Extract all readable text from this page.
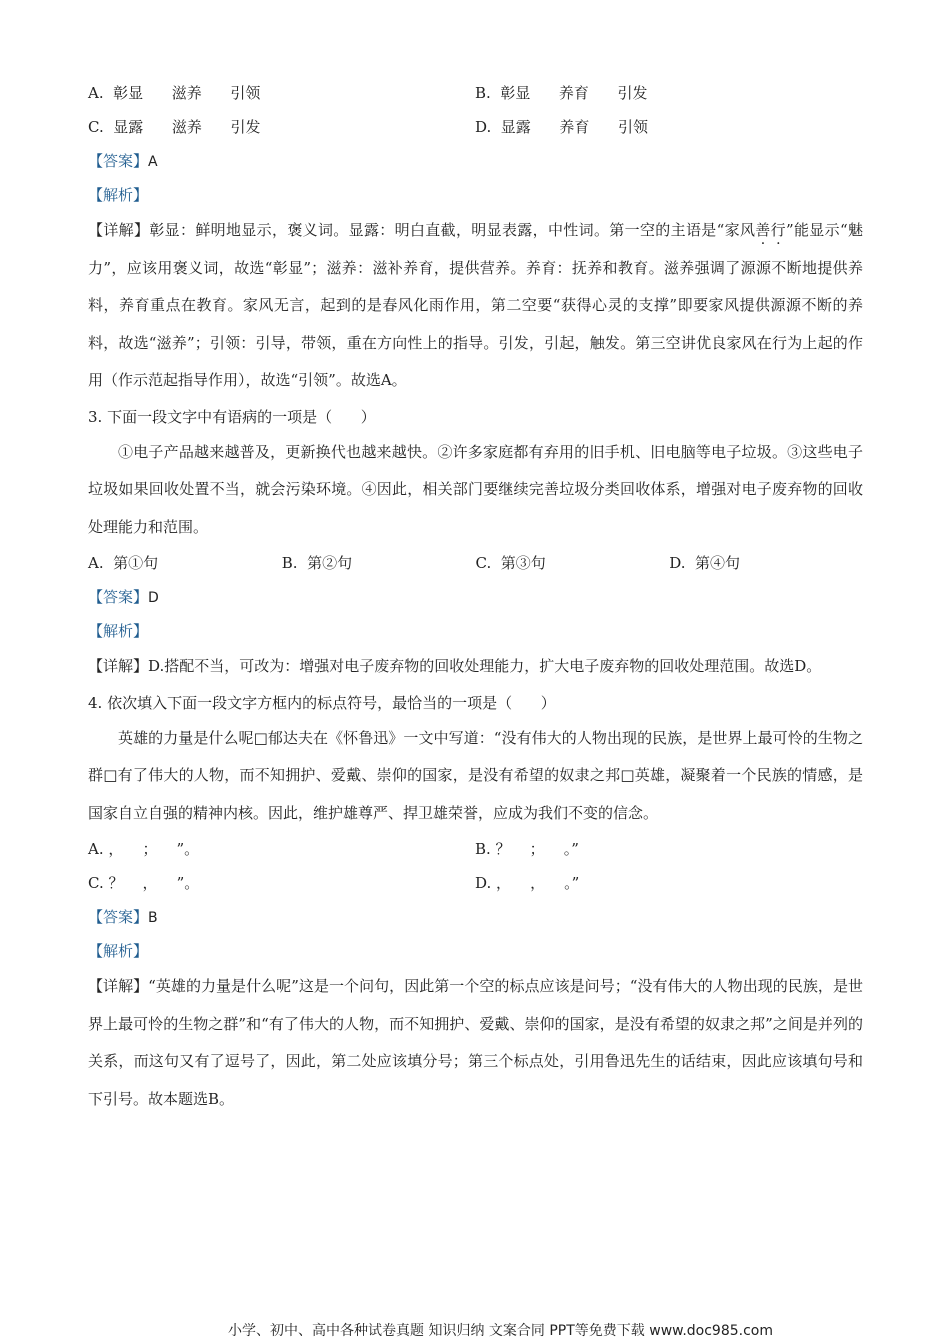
A.  彰显      滋养      引领	B.  彰显      养育      引发
C.  显露      滋养      引发	D.  显露      养育      引领
【答案】A
【解析】
【详解】彰显：鲜明地显示，褒义词。显露：明白直截，明显表露，中性词。第一空的主语是“家风善行”能显示“魅力”，应该用褒义词，故选“彰显”；滋养：滋补养育，提供营养。养育：抚养和教育。滋养强调了源源不断地提供养料，养育重点在教育。家风无言，起到的是春风化雨作用，第二空要“获得心灵的支撑”即要家风提供源源不断的养料，故选“滋养”；引领：引导，带领，重在方向性上的指导。引发，引起，触发。第三空讲优良家风在行为上起的作用（作示范起指导作用），故选“引领”。故选A。
3. 下面一段文字中有语病的一项是（      ）
①电子产品越来越普及，更新换代也越来越快。②许多家庭都有弃用的旧手机、旧电脑等电子垃圾。③这些电子垃圾如果回收处置不当，就会污染环境。④因此，相关部门要继续完善垃圾分类回收体系，增强对电子废弃物的回收处理能力和范围。
A.  第①句	B.  第②句	C.  第③句	D.  第④句
【答案】D
【解析】
【详解】D.搭配不当，可改为：增强对电子废弃物的回收处理能力，扩大电子废弃物的回收处理范围。故选D。
4. 依次填入下面一段文字方框内的标点符号，最恰当的一项是（      ）
英雄的力量是什么呢□郁达夫在《怀鲁迅》一文中写道：“没有伟大的人物出现的民族，是世界上最可怜的生物之群□有了伟大的人物，而不知拥护、爱戴、崇仰的国家，是没有希望的奴隶之邦□英雄，凝聚着一个民族的情感，是国家自立自强的精神内核。因此，维护雄尊严、捍卫雄荣誉，应成为我们不变的信念。
A. ，    ；    ”。	B. ？    ；    。”
C. ？    ，    ”。	D. ，    ，    。”
【答案】B
【解析】
【详解】“英雄的力量是什么呢”这是一个问句，因此第一个空的标点应该是问号；“没有伟大的人物出现的民族，是世界上最可怜的生物之群”和“有了伟大的人物，而不知拥护、爱戴、崇仰的国家，是没有希望的奴隶之邦”之间是并列的关系，而这句又有了逗号了，因此，第二处应该填分号；第三个标点处，引用鲁迅先生的话结束，因此应该填句号和下引号。故本题选B。
小学、初中、高中各种试卷真题 知识归纳 文案合同 PPT等免费下载 www.doc985.com
